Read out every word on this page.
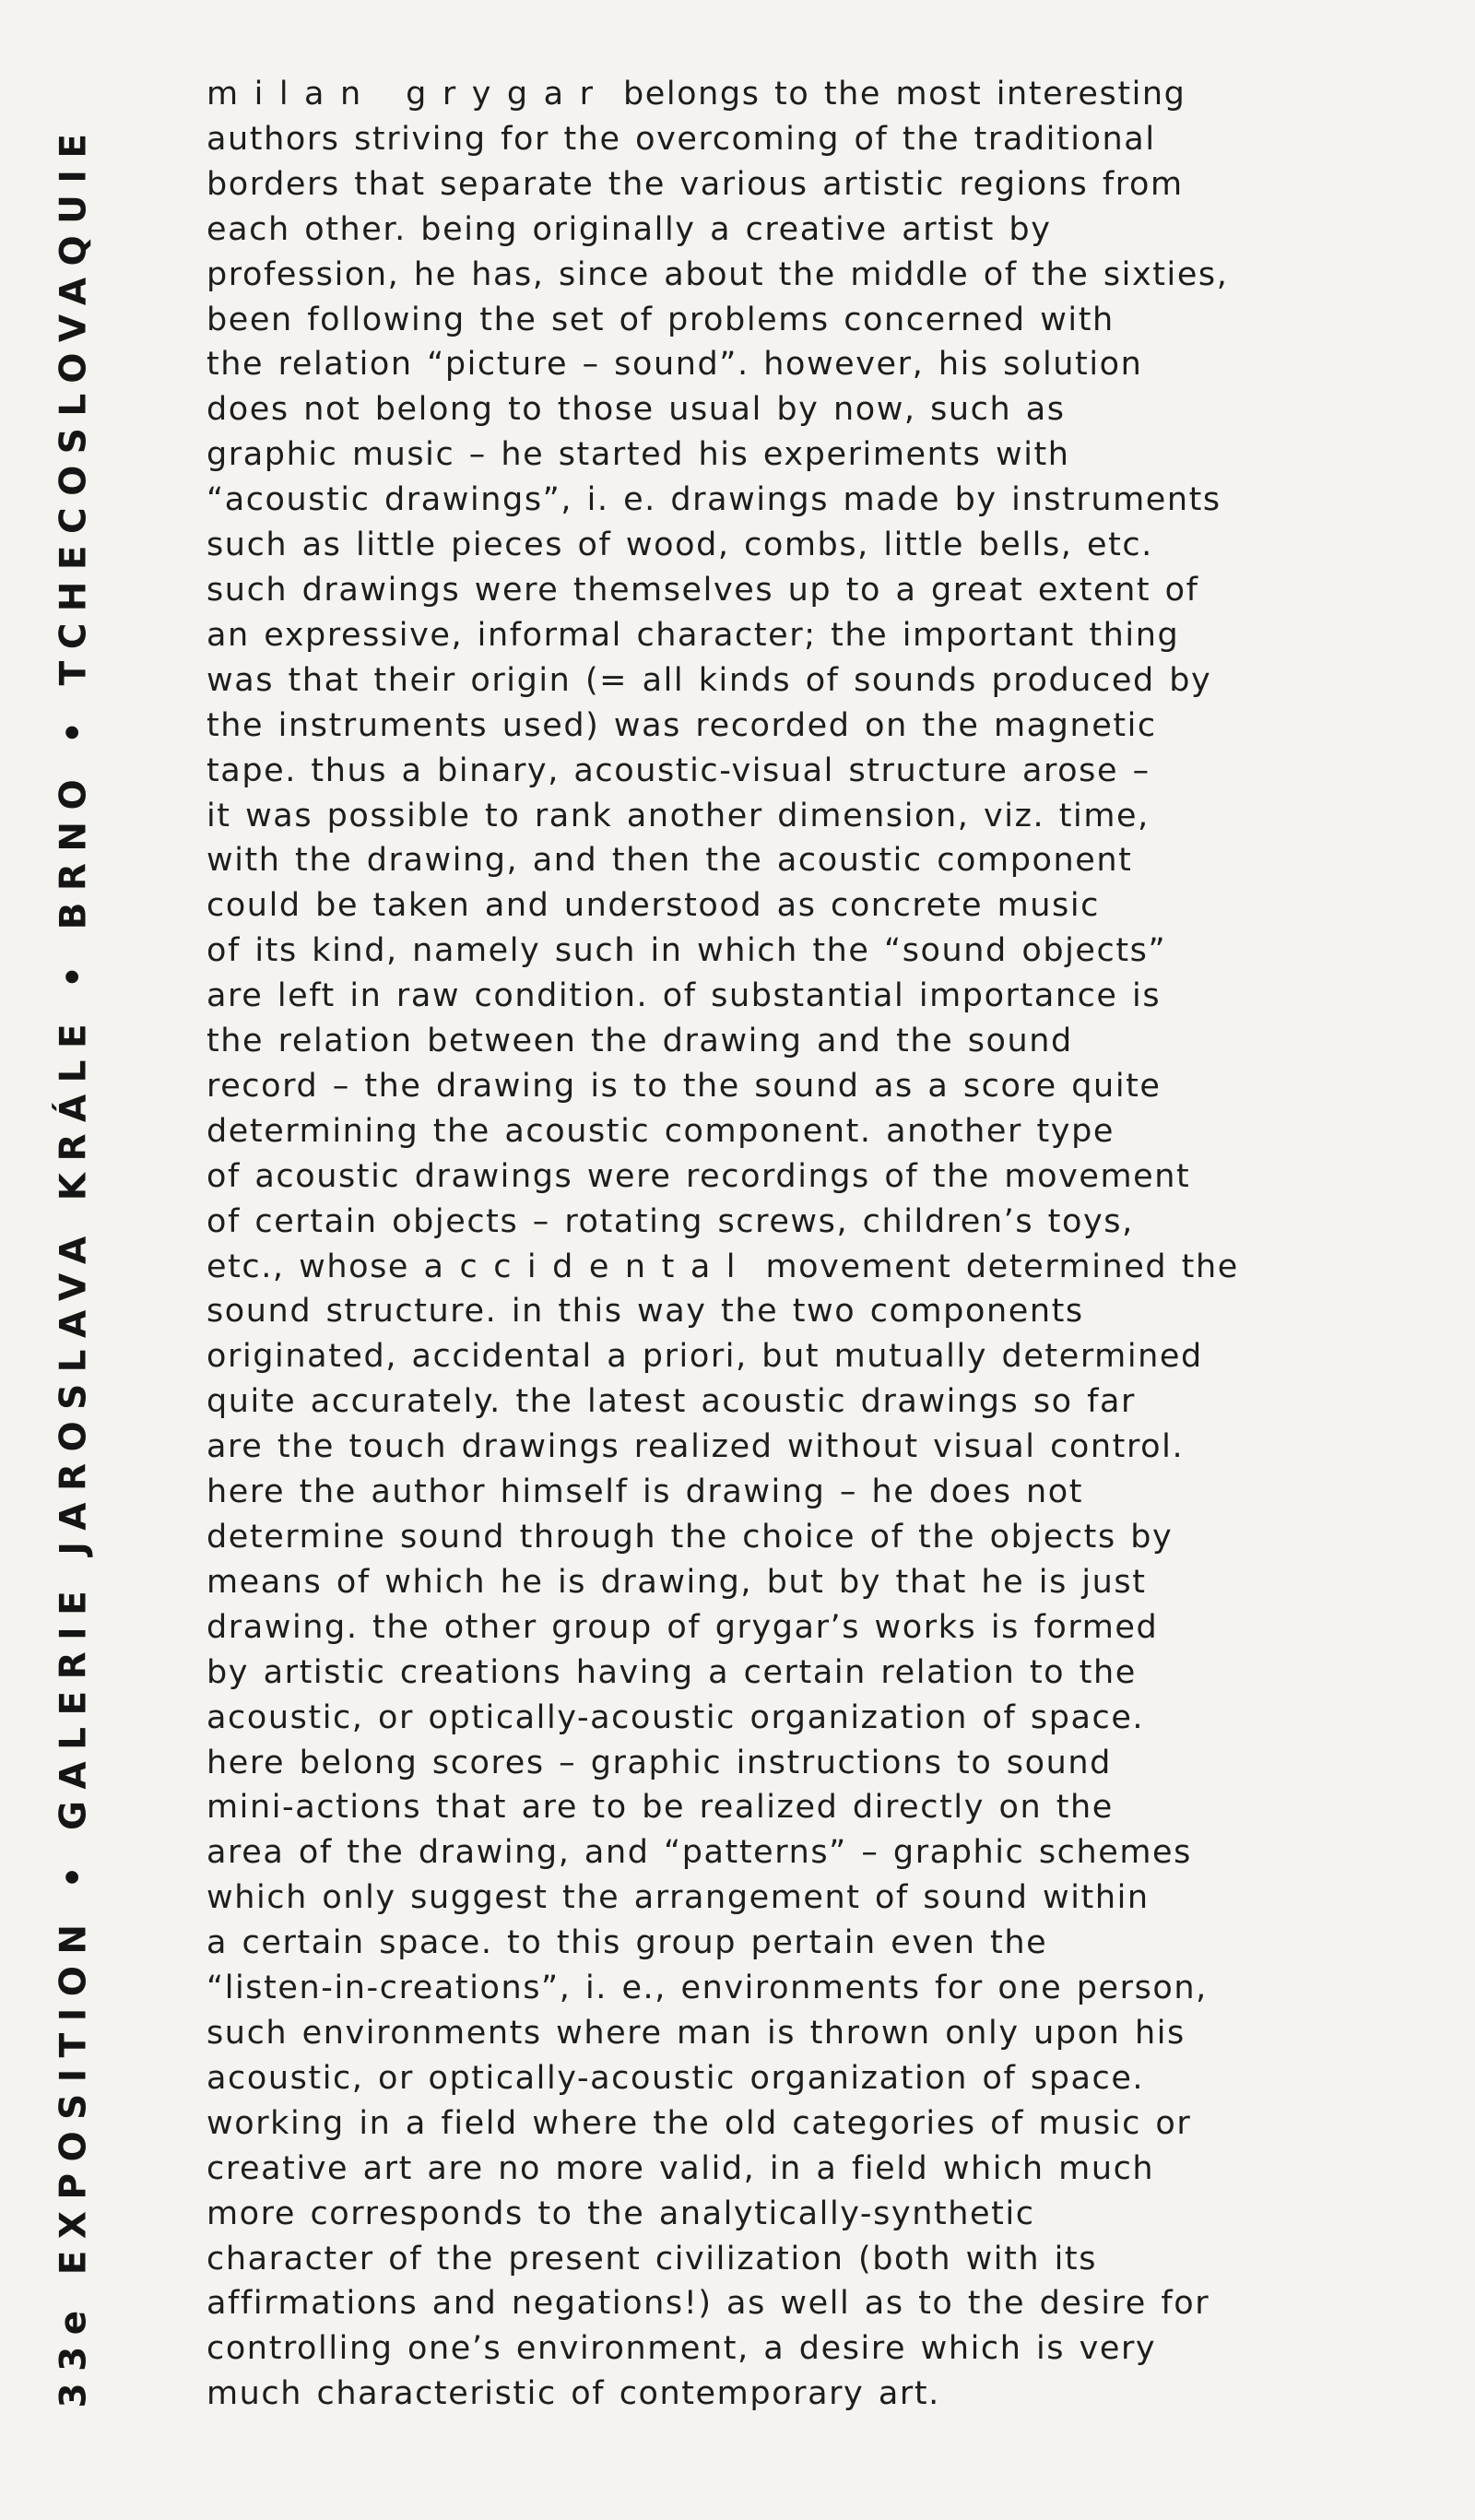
33e EXPOSITION • GALERIE JAROSLAVA KRÁLE • BRNO • TCHECOSLOVAQUIE
milan grygar belongs to the most interesting
authors striving for the overcoming of the traditional
borders that separate the various artistic regions from
each other. being originally a creative artist by
profession, he has, since about the middle of the sixties,
been following the set of problems concerned with
the relation “picture – sound”. however, his solution
does not belong to those usual by now, such as
graphic music – he started his experiments with
“acoustic drawings”, i. e. drawings made by instruments
such as little pieces of wood, combs, little bells, etc.
such drawings were themselves up to a great extent of
an expressive, informal character; the important thing
was that their origin (= all kinds of sounds produced by
the instruments used) was recorded on the magnetic
tape. thus a binary, acoustic-visual structure arose –
it was possible to rank another dimension, viz. time,
with the drawing, and then the acoustic component
could be taken and understood as concrete music
of its kind, namely such in which the “sound objects”
are left in raw condition. of substantial importance is
the relation between the drawing and the sound
record – the drawing is to the sound as a score quite
determining the acoustic component. another type
of acoustic drawings were recordings of the movement
of certain objects – rotating screws, children’s toys,
etc., whose accidental movement determined the
sound structure. in this way the two components
originated, accidental a priori, but mutually determined
quite accurately. the latest acoustic drawings so far
are the touch drawings realized without visual control.
here the author himself is drawing – he does not
determine sound through the choice of the objects by
means of which he is drawing, but by that he is just
drawing. the other group of grygar’s works is formed
by artistic creations having a certain relation to the
acoustic, or optically-acoustic organization of space.
here belong scores – graphic instructions to sound
mini-actions that are to be realized directly on the
area of the drawing, and “patterns” – graphic schemes
which only suggest the arrangement of sound within
a certain space. to this group pertain even the
“listen-in-creations”, i. e., environments for one person,
such environments where man is thrown only upon his
acoustic, or optically-acoustic organization of space.
working in a field where the old categories of music or
creative art are no more valid, in a field which much
more corresponds to the analytically-synthetic
character of the present civilization (both with its
affirmations and negations!) as well as to the desire for
controlling one’s environment, a desire which is very
much characteristic of contemporary art.
